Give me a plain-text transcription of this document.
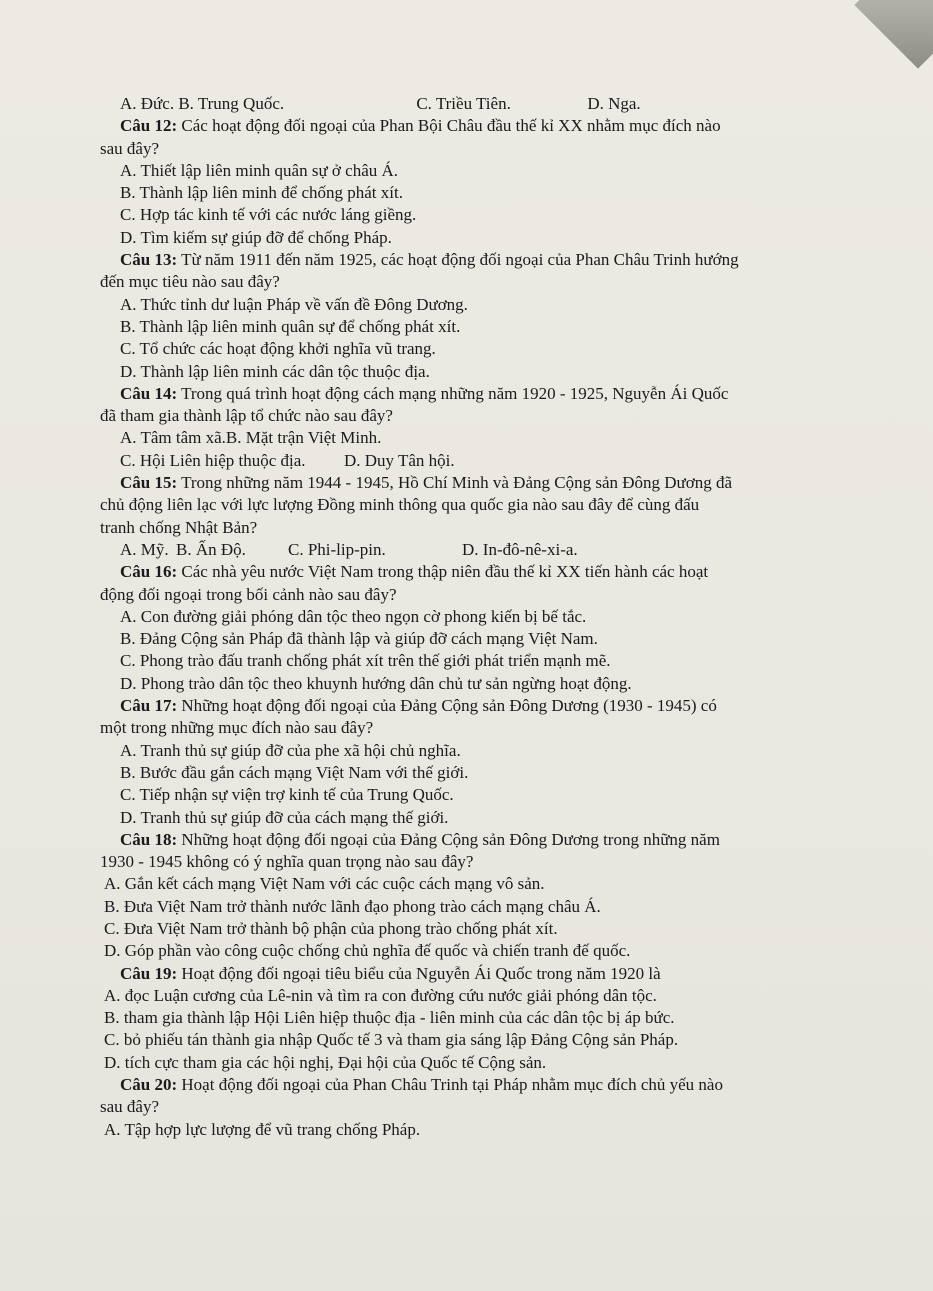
A. Đức.
B. Trung Quốc.	C. Triều Tiên.	D. Nga.
Câu 12: Các hoạt động đối ngoại của Phan Bội Châu đầu thế kỉ XX nhằm mục đích nào
sau đây?
A. Thiết lập liên minh quân sự ở châu Á.
B. Thành lập liên minh để chống phát xít.
C. Hợp tác kinh tế với các nước láng giềng.
D. Tìm kiếm sự giúp đỡ để chống Pháp.
Câu 13: Từ năm 1911 đến năm 1925, các hoạt động đối ngoại của Phan Châu Trinh hướng
đến mục tiêu nào sau đây?
A. Thức tỉnh dư luận Pháp về vấn đề Đông Dương.
B. Thành lập liên minh quân sự để chống phát xít.
C. Tổ chức các hoạt động khởi nghĩa vũ trang.
D. Thành lập liên minh các dân tộc thuộc địa.
Câu 14: Trong quá trình hoạt động cách mạng những năm 1920 - 1925, Nguyễn Ái Quốc
đã tham gia thành lập tổ chức nào sau đây?
A. Tâm tâm xã.B. Mặt trận Việt Minh.
C. Hội Liên hiệp thuộc địa.	D. Duy Tân hội.
Câu 15: Trong những năm 1944 - 1945, Hồ Chí Minh và Đảng Cộng sản Đông Dương đã
chủ động liên lạc với lực lượng Đồng minh thông qua quốc gia nào sau đây để cùng đấu
tranh chống Nhật Bản?
A. Mỹ. B. Ấn Độ.	C. Phi-lip-pin.	D. In-đô-nê-xi-a.
Câu 16: Các nhà yêu nước Việt Nam trong thập niên đầu thế kỉ XX tiến hành các hoạt
động đối ngoại trong bối cảnh nào sau đây?
A. Con đường giải phóng dân tộc theo ngọn cờ phong kiến bị bế tắc.
B. Đảng Cộng sản Pháp đã thành lập và giúp đỡ cách mạng Việt Nam.
C. Phong trào đấu tranh chống phát xít trên thế giới phát triển mạnh mẽ.
D. Phong trào dân tộc theo khuynh hướng dân chủ tư sản ngừng hoạt động.
Câu 17: Những hoạt động đối ngoại của Đảng Cộng sản Đông Dương (1930 - 1945) có
một trong những mục đích nào sau đây?
A. Tranh thủ sự giúp đỡ của phe xã hội chủ nghĩa.
B. Bước đầu gắn cách mạng Việt Nam với thế giới.
C. Tiếp nhận sự viện trợ kinh tế của Trung Quốc.
D. Tranh thủ sự giúp đỡ của cách mạng thế giới.
Câu 18: Những hoạt động đối ngoại của Đảng Cộng sản Đông Dương trong những năm
1930 - 1945 không có ý nghĩa quan trọng nào sau đây?
A. Gắn kết cách mạng Việt Nam với các cuộc cách mạng vô sản.
B. Đưa Việt Nam trở thành nước lãnh đạo phong trào cách mạng châu Á.
C. Đưa Việt Nam trở thành bộ phận của phong trào chống phát xít.
D. Góp phần vào công cuộc chống chủ nghĩa đế quốc và chiến tranh đế quốc.
Câu 19: Hoạt động đối ngoại tiêu biểu của Nguyễn Ái Quốc trong năm 1920 là
A. đọc Luận cương của Lê-nin và tìm ra con đường cứu nước giải phóng dân tộc.
B. tham gia thành lập Hội Liên hiệp thuộc địa - liên minh của các dân tộc bị áp bức.
C. bỏ phiếu tán thành gia nhập Quốc tế 3 và tham gia sáng lập Đảng Cộng sản Pháp.
D. tích cực tham gia các hội nghị, Đại hội của Quốc tế Cộng sản.
Câu 20: Hoạt động đối ngoại của Phan Châu Trinh tại Pháp nhằm mục đích chủ yếu nào
sau đây?
A. Tập hợp lực lượng để vũ trang chống Pháp.
